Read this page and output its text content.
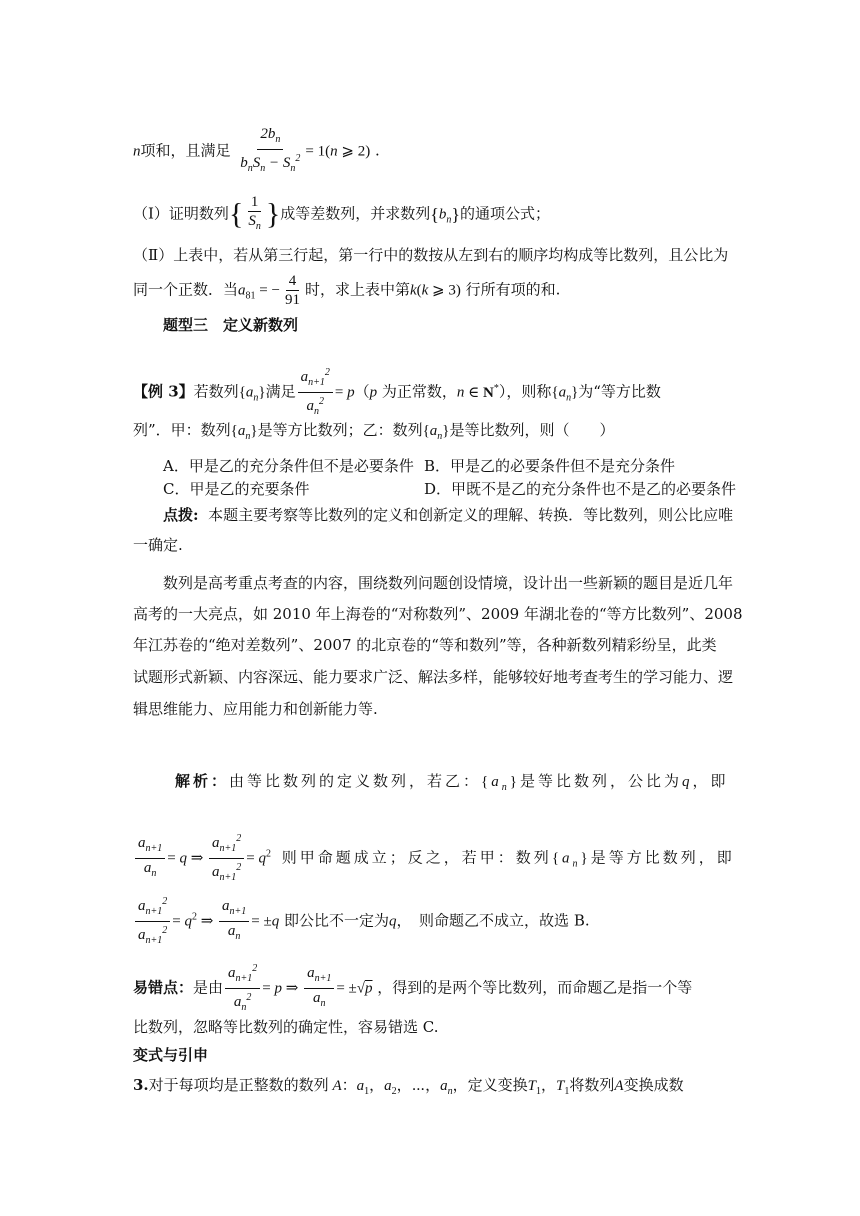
n项和，且满足 $\frac{2b_n}{b_nS_n - S_n^2} = 1(n$ ⩾ 2) .
（Ⅰ）证明数列{ $\frac{1}{S_n}$ }成等差数列，并求数列$\{b_n\}$的通项公式；
（Ⅱ）上表中，若从第三行起，第一行中的数按从左到右的顺序均构成等比数列，且公比为
同一个正数．当$a_{81}$ = − $\frac{4}{91}$ 时，求上表中第k(k ⩾ 3) 行所有项的和.
题型三　定义新数列
【例 3】若数列$\{a_n\}$满足 $\frac{a_{n+1}^2}{a_n^2} = p(p$ 为正常数，n ∈ N*），则称$\{a_n\}$为“等方比数
列”．甲：数列$\{a_n\}$是等方比数列；乙：数列$\{a_n\}$是等比数列，则（　　）
A．甲是乙的充分条件但不是必要条件 B．甲是乙的必要条件但不是充分条件
C．甲是乙的充要条件	D．甲既不是乙的充分条件也不是乙的必要条件
点拨: 本题主要考察等比数列的定义和创新定义的理解、转换．等比数列，则公比应唯
一确定.
数列是高考重点考查的内容，围绕数列问题创设情境，设计出一些新颖的题目是近几年
高考的一大亮点，如 2010 年上海卷的“对称数列”、2009 年湖北卷的“等方比数列”、2008
年江苏卷的“绝对差数列”、2007 的北京卷的“等和数列”等，各种新数列精彩纷呈，此类
试题形式新颖、内容深远、能力要求广泛、解法多样，能够较好地考查考生的学习能力、逻
辑思维能力、应用能力和创新能力等.
解析：由等比数列的定义数列，若乙：$\{a_n\}$是等比数列，公比为q，即
$\frac{a_{n+1}}{a_n} = q$ ⇒ $\frac{a_{n+1}^2}{a_{n+1}^2} = q^2$ 则甲命题成立；反之，若甲：数列$\{a_n\}$是等方比数列，即
$\frac{a_{n+1}^2}{a_{n+1}^2} = q^2$ ⇒ $\frac{a_{n+1}}{a_n} = \pm q$ 即公比不一定为q，　则命题乙不成立，故选 B.
易错点：是由 $\frac{a_{n+1}^2}{a_n^2} = p$ ⇒ $\frac{a_{n+1}}{a_n} = \pm√p$ ，得到的是两个等比数列，而命题乙是指一个等
比数列，忽略等比数列的确定性，容易错选 C.
变式与引申
3.对于每项均是正整数的数列 A：$a_1$，$a_2$，⋯，$a_n$，定义变换$T_1$，$T_1$将数列A变换成数
